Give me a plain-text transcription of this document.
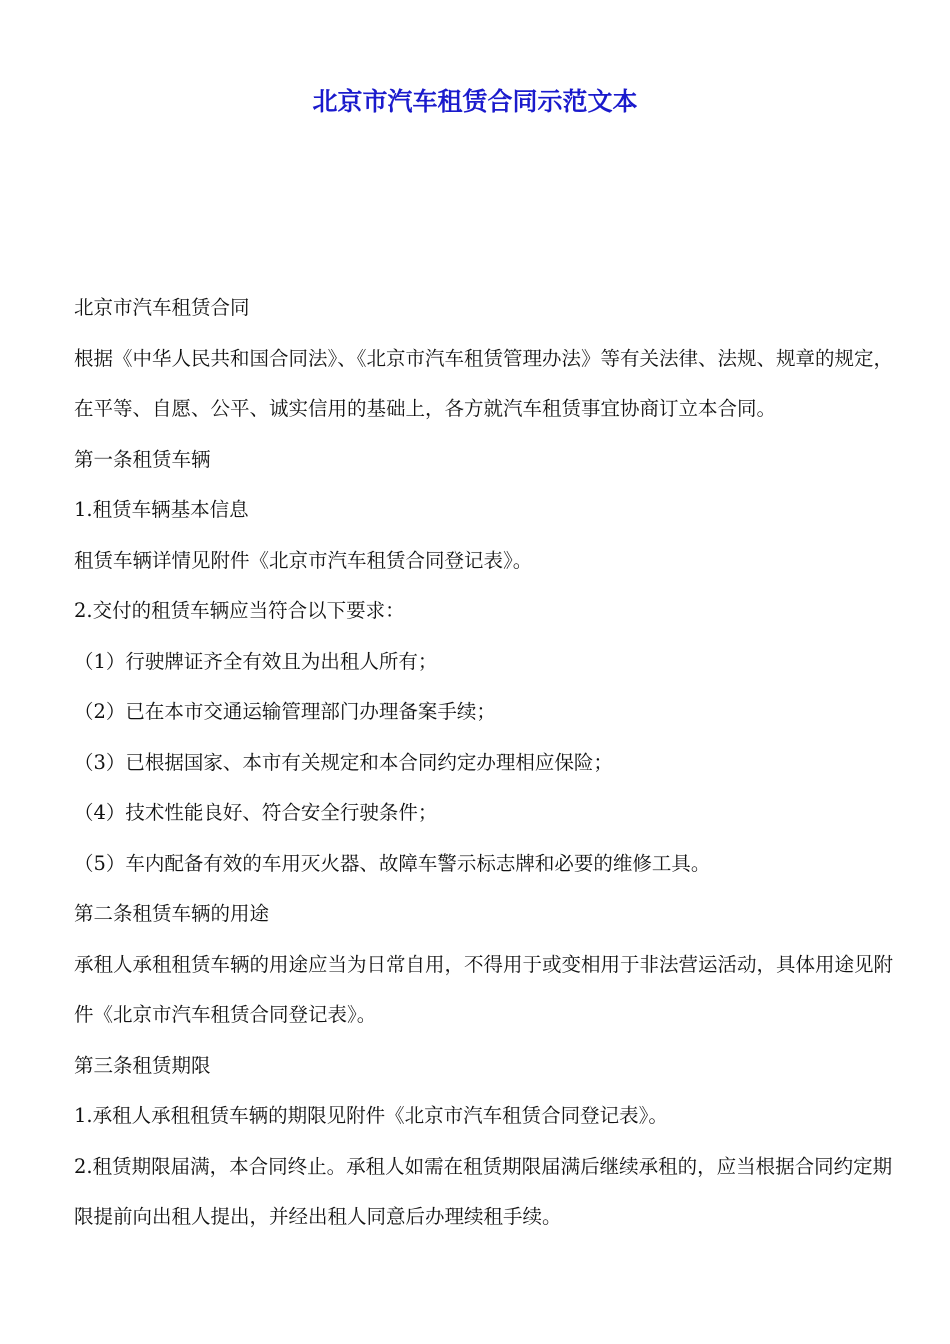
北京市汽车租赁合同示范文本

北京市汽车租赁合同

根据《中华人民共和国合同法》、《北京市汽车租赁管理办法》等有关法律、法规、规章的规定，在平等、自愿、公平、诚实信用的基础上，各方就汽车租赁事宜协商订立本合同。

第一条租赁车辆

1.租赁车辆基本信息

租赁车辆详情见附件《北京市汽车租赁合同登记表》。

2.交付的租赁车辆应当符合以下要求：

（1）行驶牌证齐全有效且为出租人所有；

（2）已在本市交通运输管理部门办理备案手续；

（3）已根据国家、本市有关规定和本合同约定办理相应保险；

（4）技术性能良好、符合安全行驶条件；

（5）车内配备有效的车用灭火器、故障车警示标志牌和必要的维修工具。

第二条租赁车辆的用途

承租人承租租赁车辆的用途应当为日常自用，不得用于或变相用于非法营运活动，具体用途见附件《北京市汽车租赁合同登记表》。

第三条租赁期限

1.承租人承租租赁车辆的期限见附件《北京市汽车租赁合同登记表》。

2.租赁期限届满，本合同终止。承租人如需在租赁期限届满后继续承租的，应当根据合同约定期限提前向出租人提出，并经出租人同意后办理续租手续。
